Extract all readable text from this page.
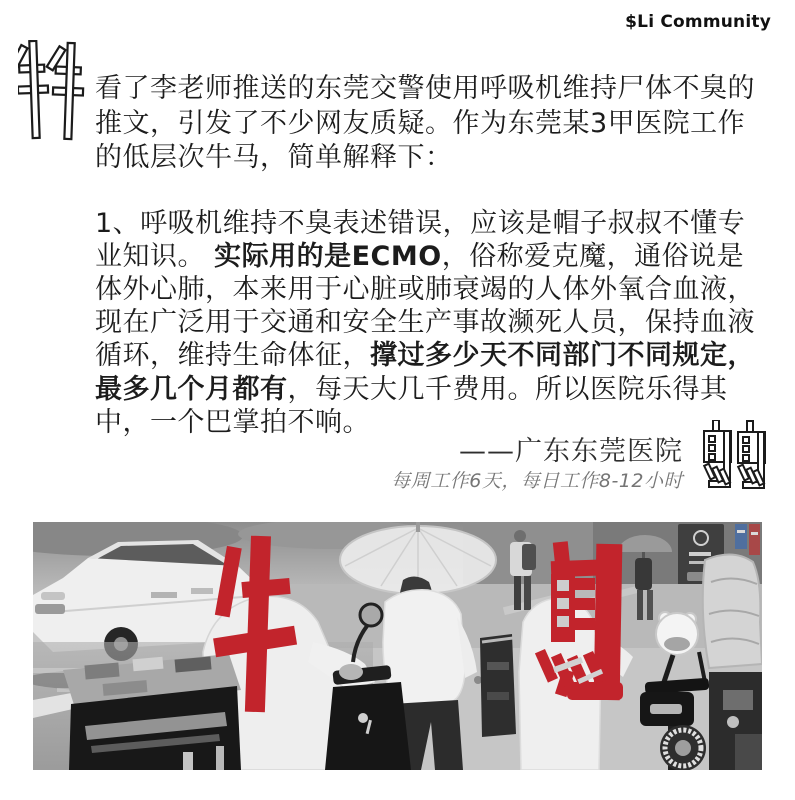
$Li Community

看了李老师推送的东莞交警使用呼吸机维持尸体不臭的推文，引发了不少网友质疑。作为东莞某3甲医院工作的低层次牛马，简单解释下：

1、呼吸机维持不臭表述错误，应该是帽子叔叔不懂专业知识。 实际用的是ECMO，俗称爱克魔，通俗说是体外心肺，本来用于心脏或肺衰竭的人体外氧合血液，现在广泛用于交通和安全生产事故濒死人员，保持血液循环，维持生命体征，撑过多少天不同部门不同规定，最多几个月都有，每天大几千费用。所以医院乐得其中，一个巴掌拍不响。

——广东东莞医院
每周工作6天，每日工作8-12小时
